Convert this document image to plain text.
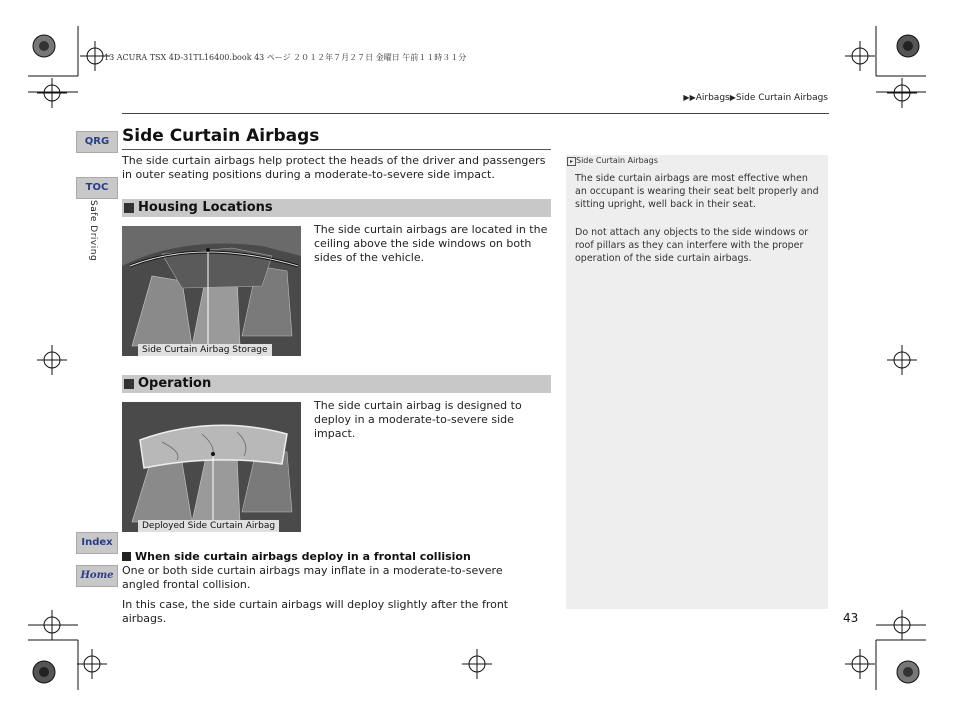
13 ACURA TSX 4D-31TL16400.book 43 ページ ２０１２年７月２７日 金曜日 午前１１時３１分
▶▶Airbags▶Side Curtain Airbags
QRG
TOC
Safe Driving
Index
Home
Side Curtain Airbags
The side curtain airbags help protect the heads of the driver and passengers in outer seating positions during a moderate-to-severe side impact.
Housing Locations
Side Curtain Airbag Storage
The side curtain airbags are located in the ceiling above the side windows on both sides of the vehicle.
Operation
Deployed Side Curtain Airbag
The side curtain airbag is designed to deploy in a moderate-to-severe side impact.
When side curtain airbags deploy in a frontal collision
One or both side curtain airbags may inflate in a moderate-to-severe angled frontal collision.
In this case, the side curtain airbags will deploy slightly after the front airbags.
▸ Side Curtain Airbags
The side curtain airbags are most effective when an occupant is wearing their seat belt properly and sitting upright, well back in their seat.
Do not attach any objects to the side windows or roof pillars as they can interfere with the proper operation of the side curtain airbags.
43
